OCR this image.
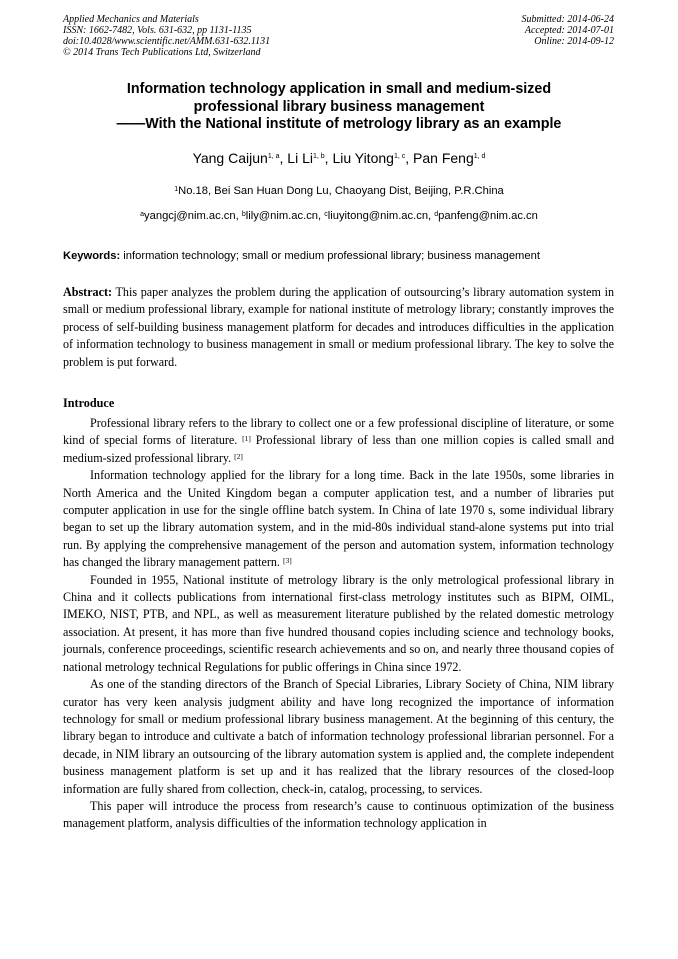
Applied Mechanics and Materials
ISSN: 1662-7482, Vols. 631-632, pp 1131-1135
doi:10.4028/www.scientific.net/AMM.631-632.1131
© 2014 Trans Tech Publications Ltd, Switzerland
Submitted: 2014-06-24
Accepted: 2014-07-01
Online: 2014-09-12
Information technology application in small and medium-sized
professional library business management
——With the National institute of metrology library as an example
Yang Caijun$^{1, a}$, Li Li$^{1, b}$, Liu Yitong$^{1, c}$, Pan Feng$^{1, d}$
$^1$No.18, Bei San Huan Dong Lu, Chaoyang Dist, Beijing, P.R.China
$^a$yangcj@nim.ac.cn, $^b$lily@nim.ac.cn, $^c$liuyitong@nim.ac.cn, $^d$panfeng@nim.ac.cn
Keywords: information technology; small or medium professional library; business management
Abstract: This paper analyzes the problem during the application of outsourcing’s library automation system in small or medium professional library, example for national institute of metrology library; constantly improves the process of self-building business management platform for decades and introduces difficulties in the application of information technology to business management in small or medium professional library. The key to solve the problem is put forward.
Introduce

Professional library refers to the library to collect one or a few professional discipline of literature, or some kind of special forms of literature. [1] Professional library of less than one million copies is called small and medium-sized professional library. [2]

Information technology applied for the library for a long time. Back in the late 1950s, some libraries in North America and the United Kingdom began a computer application test, and a number of libraries put computer application in use for the single offline batch system. In China of late 1970 s, some individual library began to set up the library automation system, and in the mid-80s individual stand-alone systems put into trial run. By applying the comprehensive management of the person and automation system, information technology has changed the library management pattern. [3]

Founded in 1955, National institute of metrology library is the only metrological professional library in China and it collects publications from international first-class metrology institutes such as BIPM, OIML, IMEKO, NIST, PTB, and NPL, as well as measurement literature published by the related domestic metrology association. At present, it has more than five hundred thousand copies including science and technology books, journals, conference proceedings, scientific research achievements and so on, and nearly three thousand copies of national metrology technical Regulations for public offerings in China since 1972.

As one of the standing directors of the Branch of Special Libraries, Library Society of China, NIM library curator has very keen analysis judgment ability and have long recognized the importance of information technology for small or medium professional library business management. At the beginning of this century, the library began to introduce and cultivate a batch of information technology professional librarian personnel. For a decade, in NIM library an outsourcing of the library automation system is applied and, the complete independent business management platform is set up and it has realized that the library resources of the closed-loop information are fully shared from collection, check-in, catalog, processing, to services.

This paper will introduce the process from research’s cause to continuous optimization of the business management platform, analysis difficulties of the information technology application in
